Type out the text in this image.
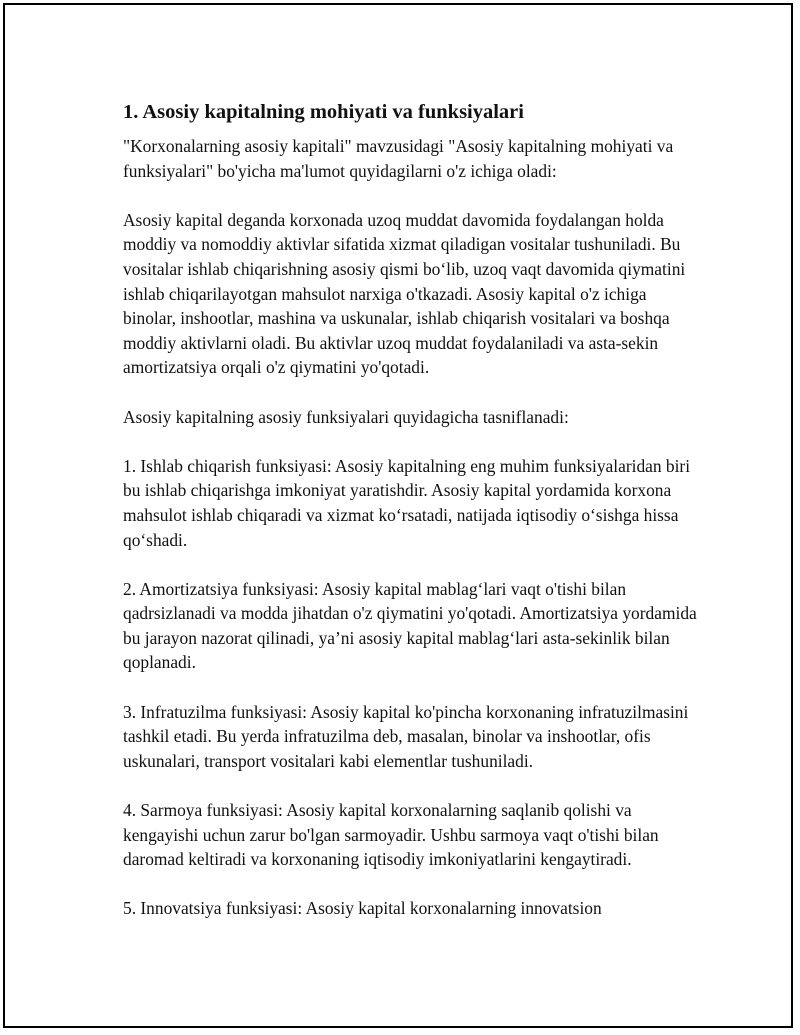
1. Asosiy kapitalning mohiyati va funksiyalari
"Korxonalarning asosiy kapitali" mavzusidagi "Asosiy kapitalning mohiyati va funksiyalari" bo'yicha ma'lumot quyidagilarni o'z ichiga oladi:
Asosiy kapital deganda korxonada uzoq muddat davomida foydalangan holda moddiy va nomoddiy aktivlar sifatida xizmat qiladigan vositalar tushuniladi. Bu vositalar ishlab chiqarishning asosiy qismi bo‘lib, uzoq vaqt davomida qiymatini ishlab chiqarilayotgan mahsulot narxiga o'tkazadi. Asosiy kapital o'z ichiga binolar, inshootlar, mashina va uskunalar, ishlab chiqarish vositalari va boshqa moddiy aktivlarni oladi. Bu aktivlar uzoq muddat foydalaniladi va asta-sekin amortizatsiya orqali o'z qiymatini yo'qotadi.
Asosiy kapitalning asosiy funksiyalari quyidagicha tasniflanadi:
1. Ishlab chiqarish funksiyasi: Asosiy kapitalning eng muhim funksiyalaridan biri bu ishlab chiqarishga imkoniyat yaratishdir. Asosiy kapital yordamida korxona mahsulot ishlab chiqaradi va xizmat ko‘rsatadi, natijada iqtisodiy o‘sishga hissa qo‘shadi.
2. Amortizatsiya funksiyasi: Asosiy kapital mablag‘lari vaqt o'tishi bilan qadrsizlanadi va modda jihatdan o'z qiymatini yo'qotadi. Amortizatsiya yordamida bu jarayon nazorat qilinadi, ya’ni asosiy kapital mablag‘lari asta-sekinlik bilan qoplanadi.
3. Infratuzilma funksiyasi: Asosiy kapital ko'pincha korxonaning infratuzilmasini tashkil etadi. Bu yerda infratuzilma deb, masalan, binolar va inshootlar, ofis uskunalari, transport vositalari kabi elementlar tushuniladi.
4. Sarmoya funksiyasi: Asosiy kapital korxonalarning saqlanib qolishi va kengayishi uchun zarur bo'lgan sarmoyadir. Ushbu sarmoya vaqt o'tishi bilan daromad keltiradi va korxonaning iqtisodiy imkoniyatlarini kengaytiradi.
5. Innovatsiya funksiyasi: Asosiy kapital korxonalarning innovatsion
